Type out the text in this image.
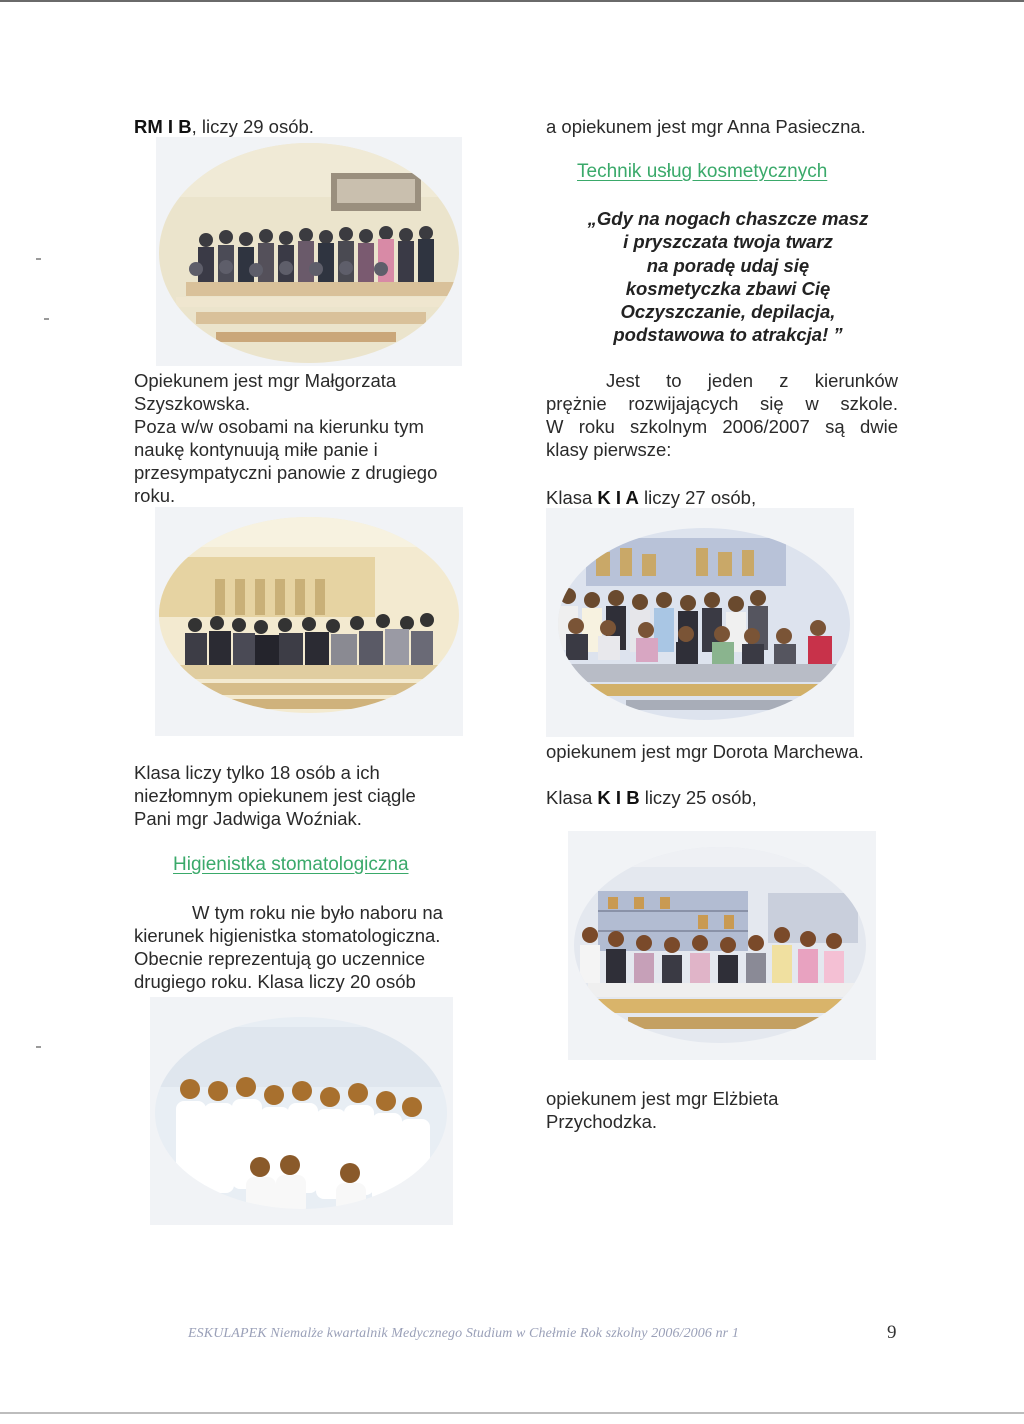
RM I B, liczy 29 osób.
Opiekunem jest mgr Małgorzata
Szyszkowska.
Poza w/w osobami na kierunku tym
naukę kontynuują miłe panie i
przesympatyczni panowie z drugiego
roku.
Klasa liczy tylko 18 osób a ich
niezłomnym opiekunem jest ciągle
Pani mgr Jadwiga Woźniak.
Higienistka stomatologiczna
W tym roku nie było naboru na
kierunek higienistka stomatologiczna.
Obecnie reprezentują go uczennice
drugiego roku. Klasa liczy 20 osób
a opiekunem jest mgr Anna Pasieczna.
Technik usług kosmetycznych
„Gdy na nogach chaszcze masz
i pryszczata twoja twarz
na poradę udaj się
kosmetyczka zbawi Cię
Oczyszczanie, depilacja,
podstawowa to atrakcja! ”
Jest to jeden z kierunków
prężnie rozwijających się w szkole.
W roku szkolnym 2006/2007 są dwie
klasy pierwsze:
Klasa K I A liczy 27 osób,
opiekunem jest mgr Dorota Marchewa.
Klasa K I B liczy 25 osób,
opiekunem jest mgr Elżbieta
Przychodzka.
ESKULAPEK Niemalże kwartalnik Medycznego Studium w Chełmie Rok szkolny 2006/2006 nr 1	9
